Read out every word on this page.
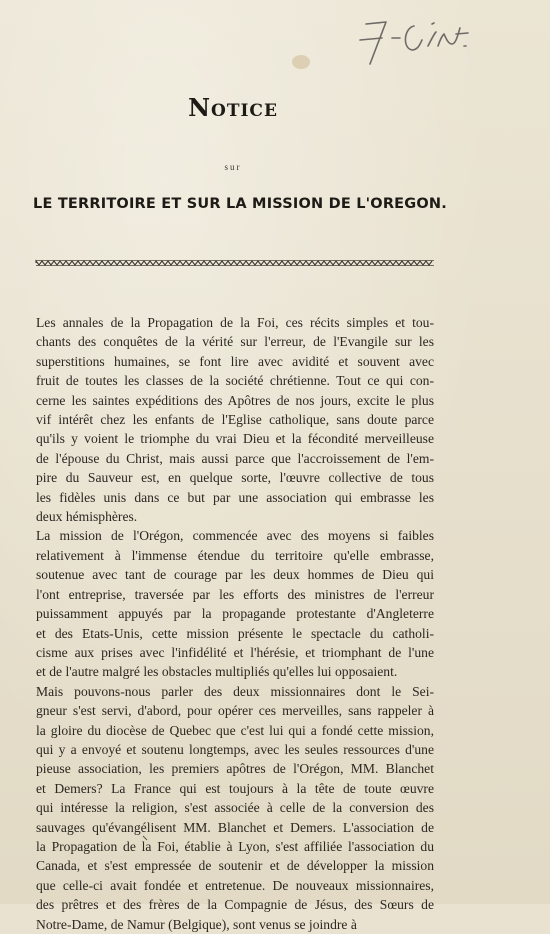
Notice
sur
LE TERRITOIRE ET SUR LA MISSION DE L'OREGON.
Les annales de la Propagation de la Foi, ces récits simples et tou-
chants des conquêtes de la vérité sur l'erreur, de l'Evangile sur les
superstitions humaines, se font lire avec avidité et souvent avec
fruit de toutes les classes de la société chrétienne. Tout ce qui con-
cerne les saintes expéditions des Apôtres de nos jours, excite le plus
vif intérêt chez les enfants de l'Eglise catholique, sans doute parce
qu'ils y voient le triomphe du vrai Dieu et la fécondité merveilleuse
de l'épouse du Christ, mais aussi parce que l'accroissement de l'em-
pire du Sauveur est, en quelque sorte, l'œuvre collective de tous
les fidèles unis dans ce but par une association qui embrasse les
deux hémisphères.
La mission de l'Orégon, commencée avec des moyens si faibles
relativement à l'immense étendue du territoire qu'elle embrasse,
soutenue avec tant de courage par les deux hommes de Dieu qui
l'ont entreprise, traversée par les efforts des ministres de l'erreur
puissamment appuyés par la propagande protestante d'Angleterre
et des Etats-Unis, cette mission présente le spectacle du catholi-
cisme aux prises avec l'infidélité et l'hérésie, et triomphant de l'une
et de l'autre malgré les obstacles multipliés qu'elles lui opposaient.
Mais pouvons-nous parler des deux missionnaires dont le Sei-
gneur s'est servi, d'abord, pour opérer ces merveilles, sans rappeler à
la gloire du diocèse de Quebec que c'est lui qui a fondé cette mission,
qui y a envoyé et soutenu longtemps, avec les seules ressources d'une
pieuse association, les premiers apôtres de l'Orégon, MM. Blanchet
et Demers? La France qui est toujours à la tête de toute œuvre
qui intéresse la religion, s'est associée à celle de la conversion des
sauvages qu'évangélisent MM. Blanchet et Demers. L'association de
la Propagation de la Foi, établie à Lyon, s'est affiliée l'association du
Canada, et s'est empressée de soutenir et de développer la mission
que celle-ci avait fondée et entretenue. De nouveaux missionnaires,
des prêtres et des frères de la Compagnie de Jésus, des Sœurs de
Notre-Dame, de Namur (Belgique), sont venus se joindre à
